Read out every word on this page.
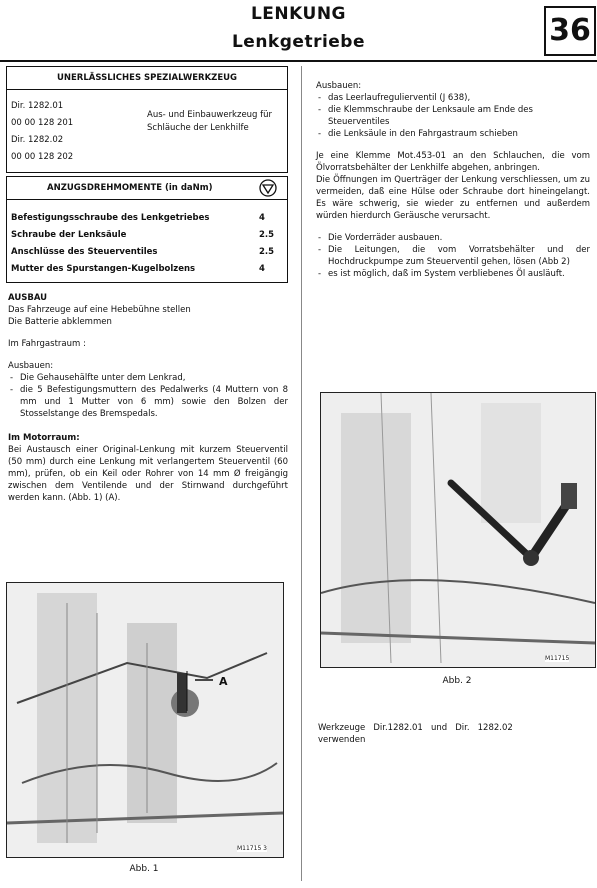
LENKUNG
Lenkgetriebe	36
UNERLÄSSLICHES SPEZIALWERKZEUG
Dir. 1282.01
00 00 128 201
Dir. 1282.02
00 00 128 202
Aus- und Einbauwerkzeug für Schläuche der Lenkhilfe
ANZUGSDREHMOMENTE (in daNm)
Befestigungsschraube des Lenkgetriebes	4
Schraube der Lenksäule	2.5
Anschlüsse des Steuerventiles	2.5
Mutter des Spurstangen-Kugelbolzens	4
AUSBAU
Das Fahrzeuge auf eine Hebebühne stellen
Die Batterie abklemmen
Im Fahrgastraum :
Ausbauen:
- Die Gehausehälfte unter dem Lenkrad,
- die 5 Befestigungsmuttern des Pedalwerks (4 Muttern von 8 mm und 1 Mutter von 6 mm) sowie den Bolzen der Stosselstange des Bremspedals.
Im Motorraum:
Bei Austausch einer Original-Lenkung mit kurzem Steuerventil (50 mm) durch eine Lenkung mit verlangertem Steuerventil (60 mm), prüfen, ob ein Keil oder Rohrer von 14 mm Ø freigängig zwischen dem Ventilende und der Stirnwand durchgeführt werden kann. (Abb. 1) (A).
A
M11715 3
Abb. 1
Ausbauen:
- das Leerlaufregulierventil (J 638),
- die Klemmschraube der Lenksaule am Ende des Steuerventiles
- die Lenksäule in den Fahrgastraum schieben
Je eine Klemme Mot.453-01 an den Schlauchen, die vom Ölvorratsbehälter der Lenkhilfe abgehen, anbringen.
Die Öffnungen im Querträger der Lenkung verschliessen, um zu vermeiden, daß eine Hülse oder Schraube dort hineingelangt. Es wäre schwerig, sie wieder zu entfernen und außerdem würden hierdurch Geräusche verursacht.
- Die Vorderräder ausbauen.
- Die Leitungen, die vom Vorratsbehälter und der Hochdruckpumpe zum Steuerventil gehen, lösen (Abb 2)
- es ist möglich, daß im System verbliebenes Öl ausläuft.
M11715
Abb. 2
Werkzeuge   Dir.1282.01   und   Dir.   1282.02
verwenden
